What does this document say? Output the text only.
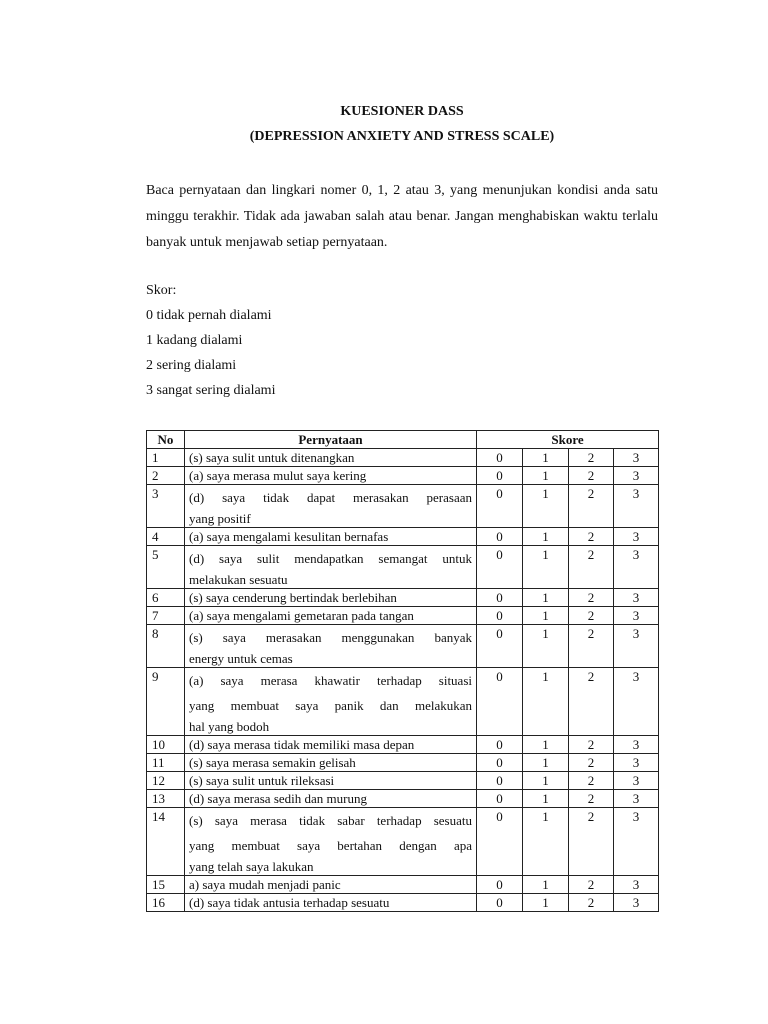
KUESIONER DASS
(DEPRESSION ANXIETY AND STRESS SCALE)

Baca pernyataan dan lingkari nomer 0, 1, 2 atau 3, yang menunjukan kondisi anda satu minggu terakhir. Tidak ada jawaban salah atau benar. Jangan menghabiskan waktu terlalu banyak untuk menjawab setiap pernyataan.

Skor:
0 tidak pernah dialami
1 kadang dialami
2 sering dialami
3 sangat sering dialami
No	Pernyataan	Skore			
1	(s) saya sulit untuk ditenangkan	0	1	2	3
2	(a) saya merasa mulut saya kering	0	1	2	3
3	(d) saya tidak dapat merasakan perasaan
yang positif	0	1	2	3
4	(a) saya mengalami kesulitan bernafas	0	1	2	3
5	(d) saya sulit mendapatkan semangat untuk
melakukan sesuatu	0	1	2	3
6	(s) saya cenderung bertindak berlebihan	0	1	2	3
7	(a) saya mengalami gemetaran pada tangan	0	1	2	3
8	(s) saya merasakan menggunakan banyak
energy untuk cemas	0	1	2	3
9	(a) saya merasa khawatir terhadap situasi
yang membuat saya panik dan melakukan
hal yang bodoh	0	1	2	3
10	(d) saya merasa tidak memiliki masa depan	0	1	2	3
11	(s) saya merasa semakin gelisah	0	1	2	3
12	(s) saya sulit untuk rileksasi	0	1	2	3
13	(d) saya merasa sedih dan murung	0	1	2	3
14	(s) saya merasa tidak sabar terhadap sesuatu
yang membuat saya bertahan dengan apa
yang telah saya lakukan	0	1	2	3
15	a) saya mudah menjadi panic	0	1	2	3
16	(d) saya tidak antusia terhadap sesuatu	0	1	2	3
